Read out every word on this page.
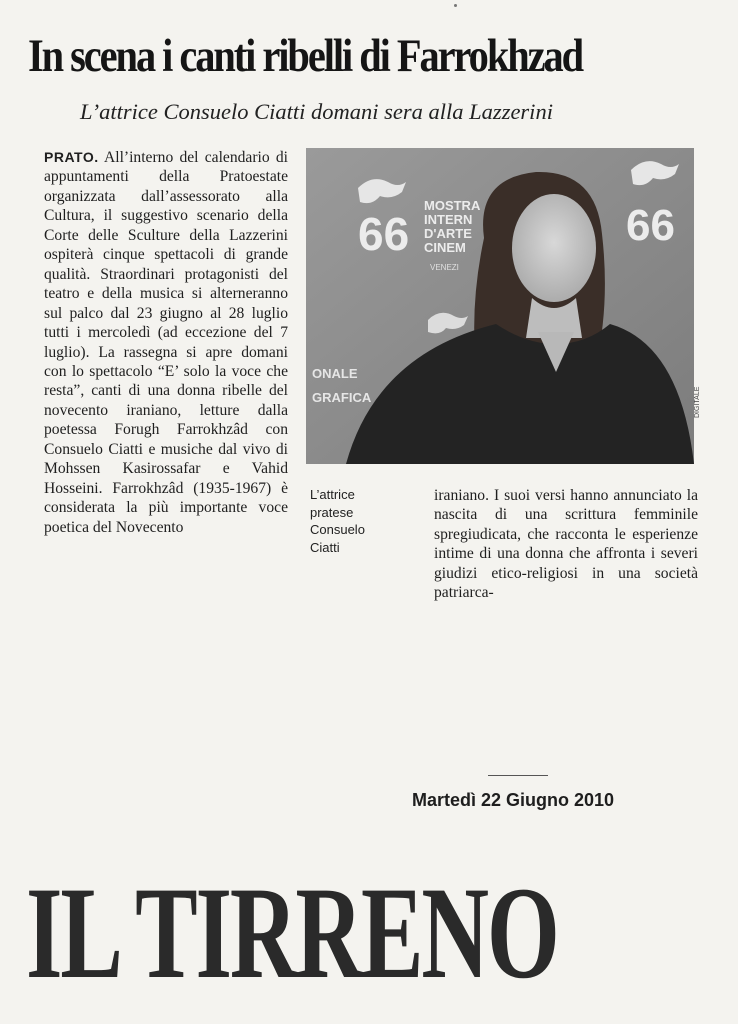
In scena i canti ribelli di Farrokhzad
L’attrice Consuelo Ciatti domani sera alla Lazzerini

PRATO. All’interno del calendario di appuntamenti della Pratoestate organizzata dall’assessorato alla Cultura, il suggestivo scenario della Corte delle Sculture della Lazzerini ospiterà cinque spettacoli di grande qualità. Straordinari protagonisti del teatro e della musica si alterneranno sul palco dal 23 giugno al 28 luglio tutti i mercoledì (ad eccezione del 7 luglio). La rassegna si apre domani con lo spettacolo “E’ solo la voce che resta”, canti di una donna ribelle del novecento iraniano, letture dalla poetessa Forugh Farrokhzâd con Consuelo Ciatti e musiche dal vivo di Mohssen Kasirossafar e Vahid Hosseini. Farrokhzâd (1935-1967) è considerata la più importante voce poetica del Novecento

66	66
MOSTRA
INTERN
D'ARTE
CINEM
VENEZI
ONALE
GRAFICA	DIGITALE
L’attrice
pratese
Consuelo
Ciatti

iraniano. I suoi versi hanno annunciato la nascita di una scrittura femminile spregiudicata, che racconta le esperienze intime di una donna che affronta i severi giudizi etico-religiosi in una società patriarca-

Martedì 22 Giugno 2010
IL TIRRENO
